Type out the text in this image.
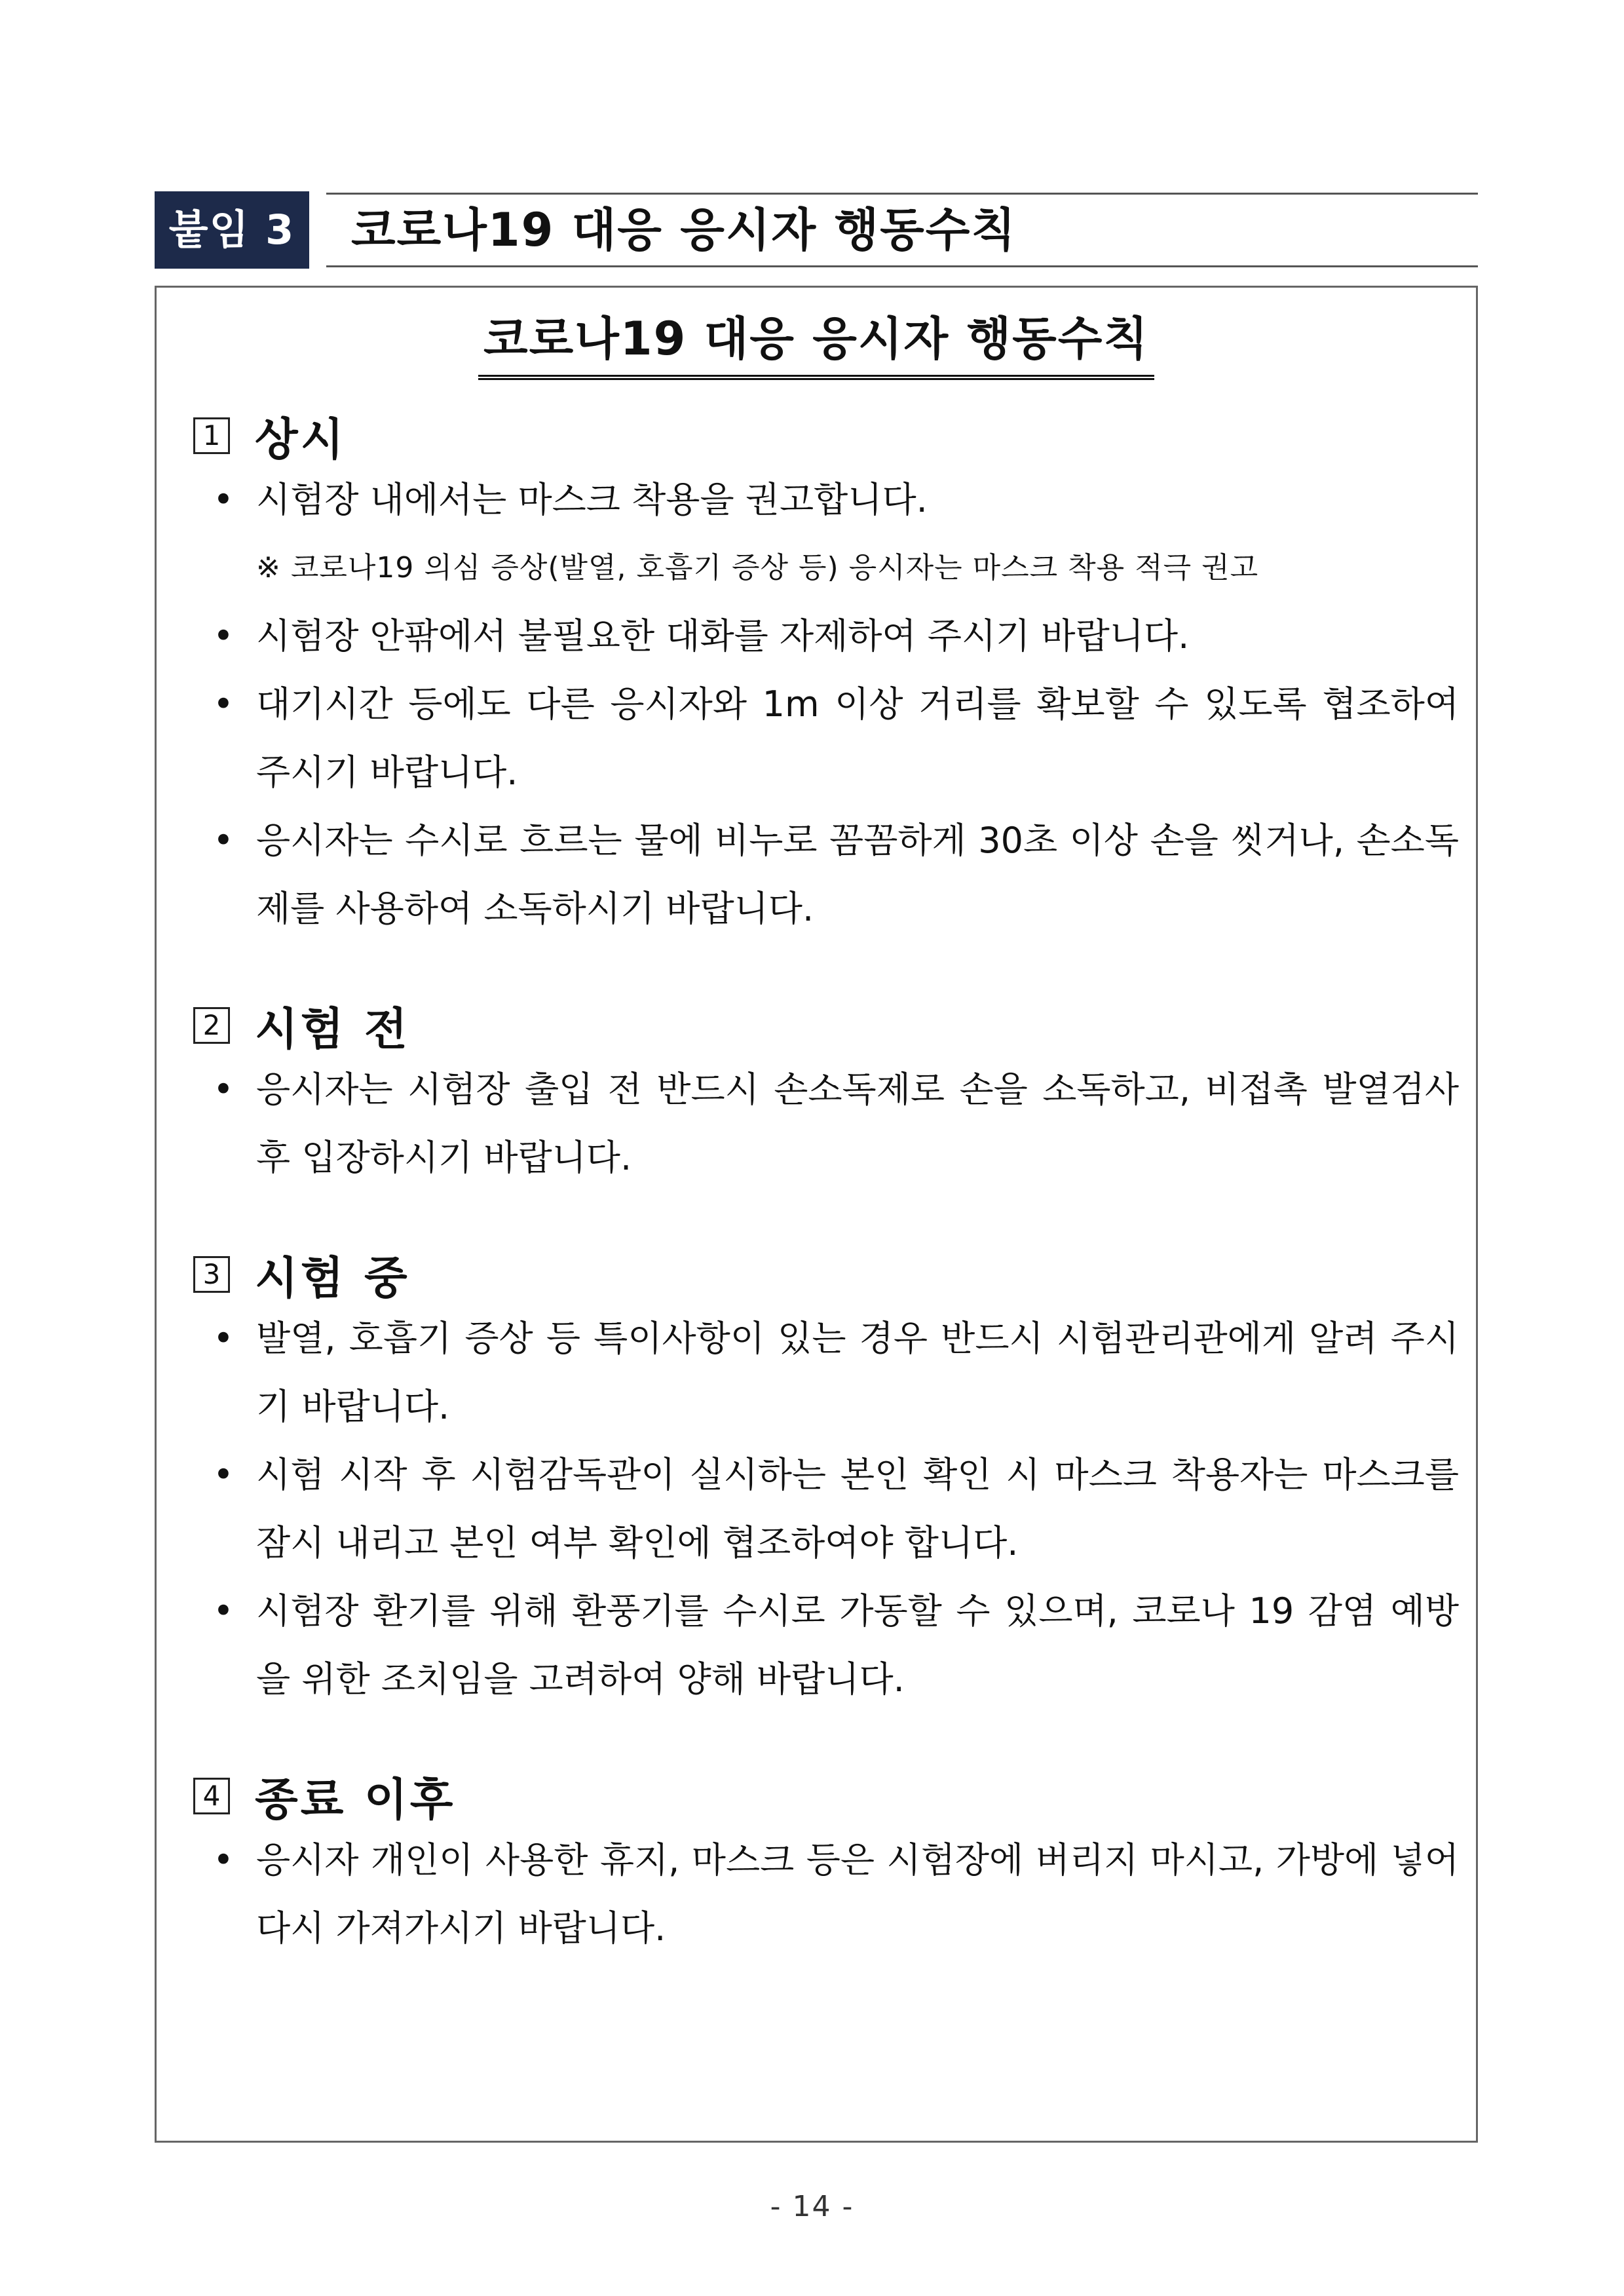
붙임 3	코로나19 대응 응시자 행동수칙
코로나19 대응 응시자 행동수칙
1 상시
• 시험장 내에서는 마스크 착용을 권고합니다.
※ 코로나19 의심 증상(발열, 호흡기 증상 등) 응시자는 마스크 착용 적극 권고
• 시험장 안팎에서 불필요한 대화를 자제하여 주시기 바랍니다.
• 대기시간 등에도 다른 응시자와 1m 이상 거리를 확보할 수 있도록 협조하여 주시기 바랍니다.
• 응시자는 수시로 흐르는 물에 비누로 꼼꼼하게 30초 이상 손을 씻거나, 손소독제를 사용하여 소독하시기 바랍니다.
2 시험 전
• 응시자는 시험장 출입 전 반드시 손소독제로 손을 소독하고, 비접촉 발열검사 후 입장하시기 바랍니다.
3 시험 중
• 발열, 호흡기 증상 등 특이사항이 있는 경우 반드시 시험관리관에게 알려 주시기 바랍니다.
• 시험 시작 후 시험감독관이 실시하는 본인 확인 시 마스크 착용자는 마스크를 잠시 내리고 본인 여부 확인에 협조하여야 합니다.
• 시험장 환기를 위해 환풍기를 수시로 가동할 수 있으며, 코로나 19 감염 예방을 위한 조치임을 고려하여 양해 바랍니다.
4 종료 이후
• 응시자 개인이 사용한 휴지, 마스크 등은 시험장에 버리지 마시고, 가방에 넣어 다시 가져가시기 바랍니다.
- 14 -
